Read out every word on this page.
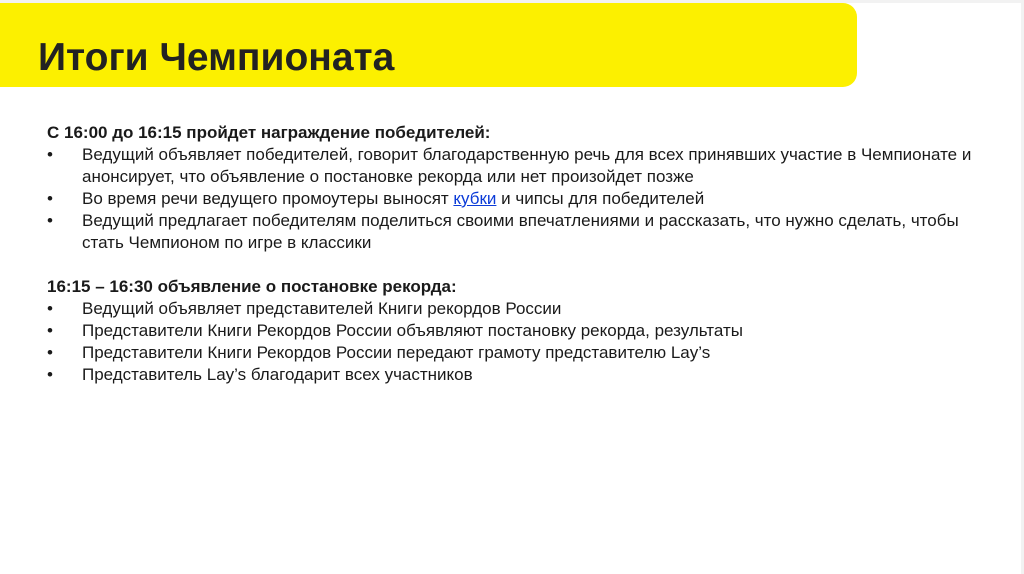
Итоги Чемпионата

С 16:00 до 16:15 пройдет награждение победителей:

• Ведущий объявляет победителей, говорит благодарственную речь для всех принявших участие в Чемпионате и анонсирует, что объявление о постановке рекорда или нет произойдет позже
• Во время речи ведущего промоутеры выносят кубки и чипсы для победителей
• Ведущий предлагает победителям поделиться своими впечатлениями и рассказать, что нужно сделать, чтобы стать Чемпионом по игре в классики

16:15 – 16:30 объявление о постановке рекорда:

• Ведущий объявляет представителей Книги рекордов России
• Представители Книги Рекордов России объявляют постановку рекорда, результаты
• Представители Книги Рекордов России передают грамоту представителю Lay’s
• Представитель Lay’s благодарит всех участников
